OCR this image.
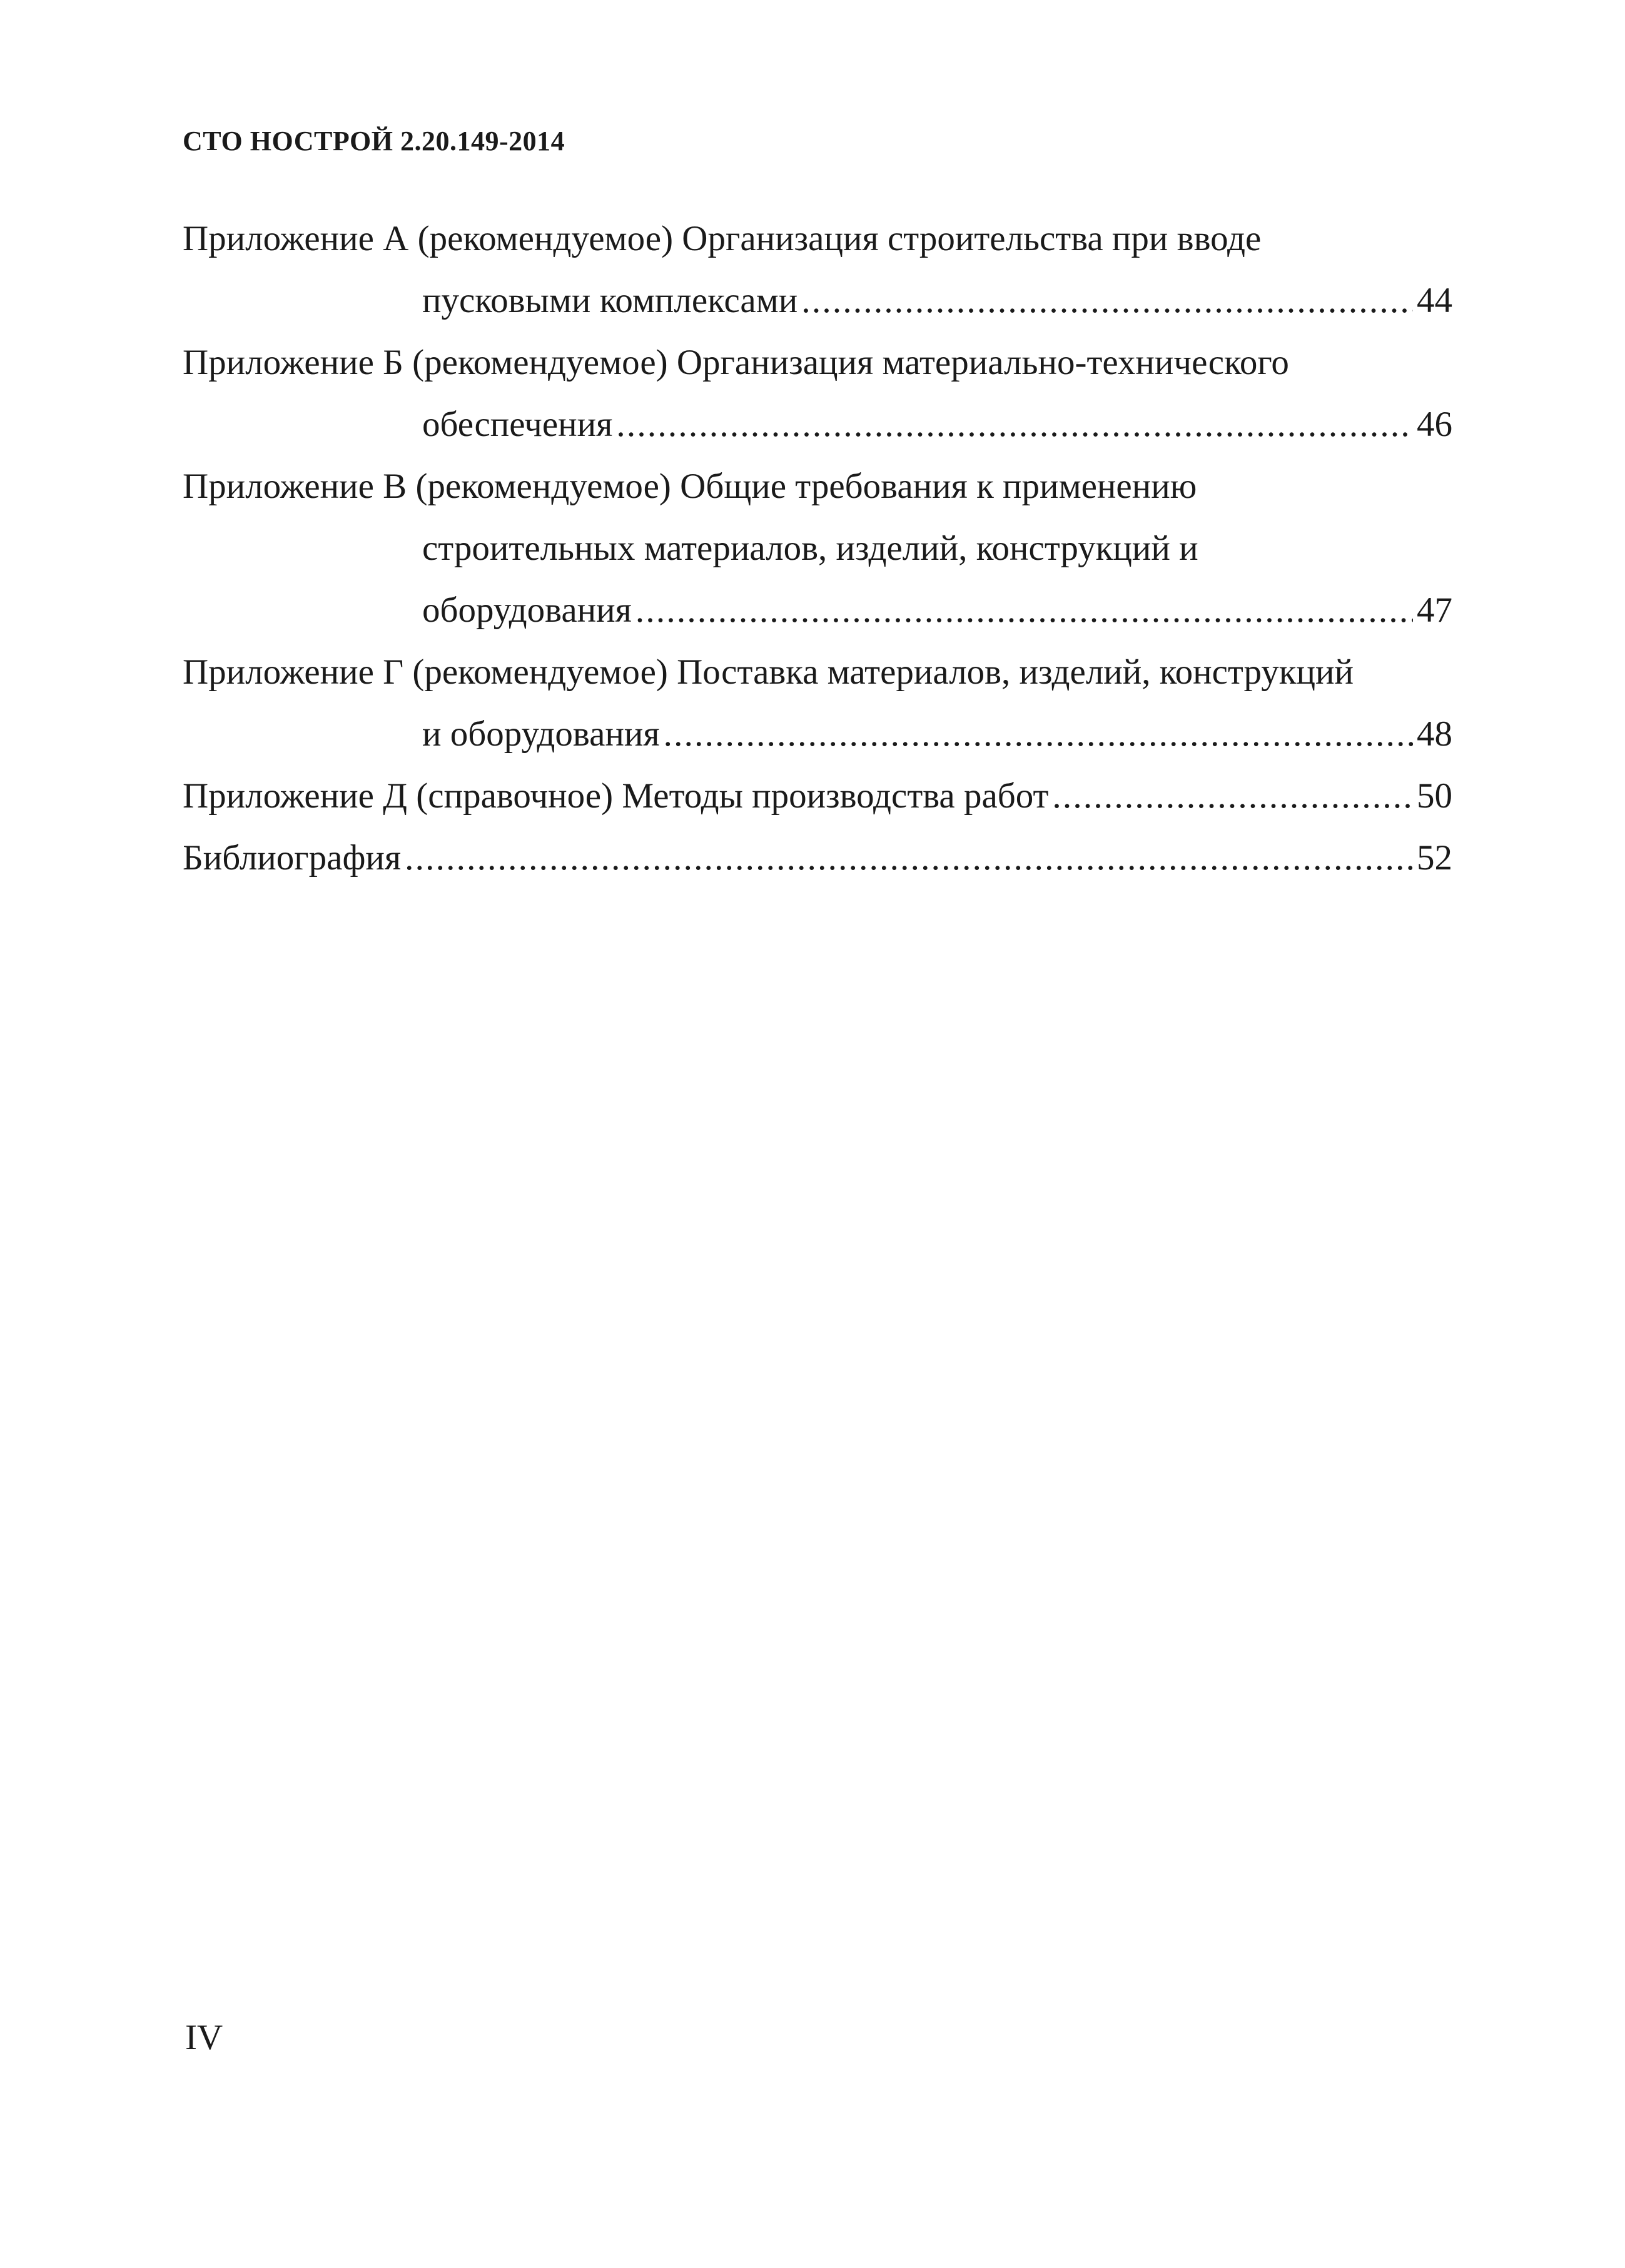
СТО НОСТРОЙ 2.20.149-2014
Приложение А (рекомендуемое) Организация строительства при вводе
пусковыми комплексами . . .	44
Приложение Б (рекомендуемое) Организация материально-технического
обеспечения . . .	46
Приложение В (рекомендуемое) Общие требования к применению
строительных материалов, изделий, конструкций и
оборудования . . .	47
Приложение Г (рекомендуемое) Поставка материалов, изделий, конструкций
и оборудования . . .	48
Приложение Д (справочное) Методы производства работ . . .	50
Библиография . . .	52
IV
